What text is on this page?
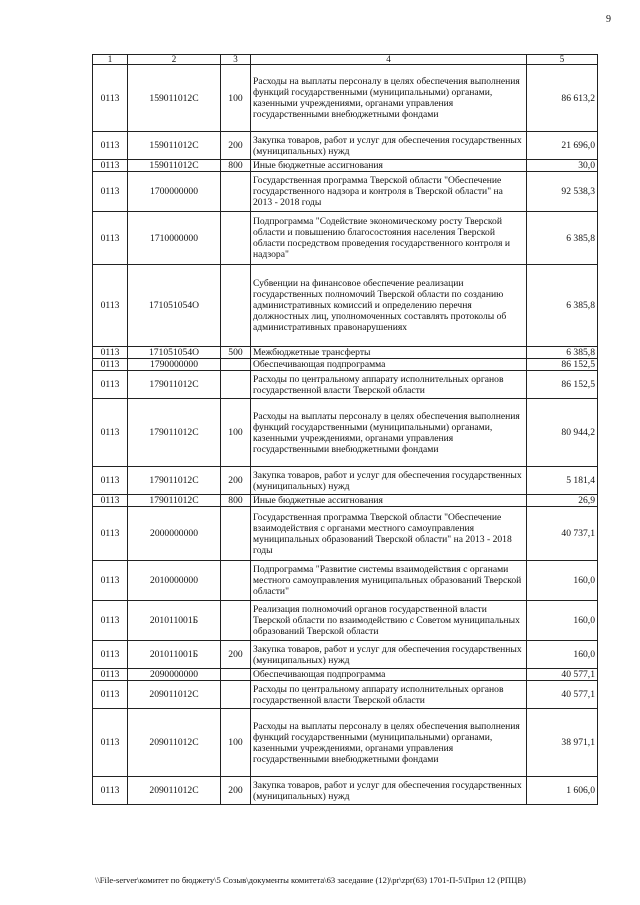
9
1	2	3	4	5
0113	159011012С	100	Расходы на выплаты персоналу в целях обеспечения выполнения функций государственными (муниципальными) органами, казенными учреждениями, органами управления государственными внебюджетными фондами	86 613,2
0113	159011012С	200	Закупка товаров, работ и услуг для обеспечения государственных (муниципальных) нужд	21 696,0
0113	159011012С	800	Иные бюджетные ассигнования	30,0
0113	1700000000		Государственная программа Тверской области "Обеспечение государственного надзора и контроля в Тверской области" на 2013 - 2018 годы	92 538,3
0113	1710000000		Подпрограмма "Содействие экономическому росту Тверской области и повышению благосостояния населения Тверской области посредством проведения государственного контроля и надзора"	6 385,8
0113	171051054О		Субвенции на финансовое обеспечение реализации государственных полномочий Тверской области по созданию административных комиссий и определению перечня должностных лиц, уполномоченных составлять протоколы об административных правонарушениях	6 385,8
0113	171051054О	500	Межбюджетные трансферты	6 385,8
0113	1790000000		Обеспечивающая подпрограмма	86 152,5
0113	179011012С		Расходы по центральному аппарату исполнительных органов государственной власти Тверской области	86 152,5
0113	179011012С	100	Расходы на выплаты персоналу в целях обеспечения выполнения функций государственными (муниципальными) органами, казенными учреждениями, органами управления государственными внебюджетными фондами	80 944,2
0113	179011012С	200	Закупка товаров, работ и услуг для обеспечения государственных (муниципальных) нужд	5 181,4
0113	179011012С	800	Иные бюджетные ассигнования	26,9
0113	2000000000		Государственная программа Тверской области "Обеспечение взаимодействия с органами местного самоуправления муниципальных образований Тверской области" на 2013 - 2018 годы	40 737,1
0113	2010000000		Подпрограмма "Развитие системы взаимодействия с органами местного самоуправления муниципальных образований Тверской области"	160,0
0113	201011001Б		Реализация полномочий органов государственной власти Тверской области по взаимодействию с Советом муниципальных образований Тверской области	160,0
0113	201011001Б	200	Закупка товаров, работ и услуг для обеспечения государственных (муниципальных) нужд	160,0
0113	2090000000		Обеспечивающая подпрограмма	40 577,1
0113	209011012С		Расходы по центральному аппарату исполнительных органов государственной власти Тверской области	40 577,1
0113	209011012С	100	Расходы на выплаты персоналу в целях обеспечения выполнения функций государственными (муниципальными) органами, казенными учреждениями, органами управления государственными внебюджетными фондами	38 971,1
0113	209011012С	200	Закупка товаров, работ и услуг для обеспечения государственных (муниципальных) нужд	1 606,0
\\File-server\комитет по бюджету\5 Созыв\документы комитета\63 заседание (12)\pr\zpr(63) 1701-П-5\Прил 12 (РПЦВ)
